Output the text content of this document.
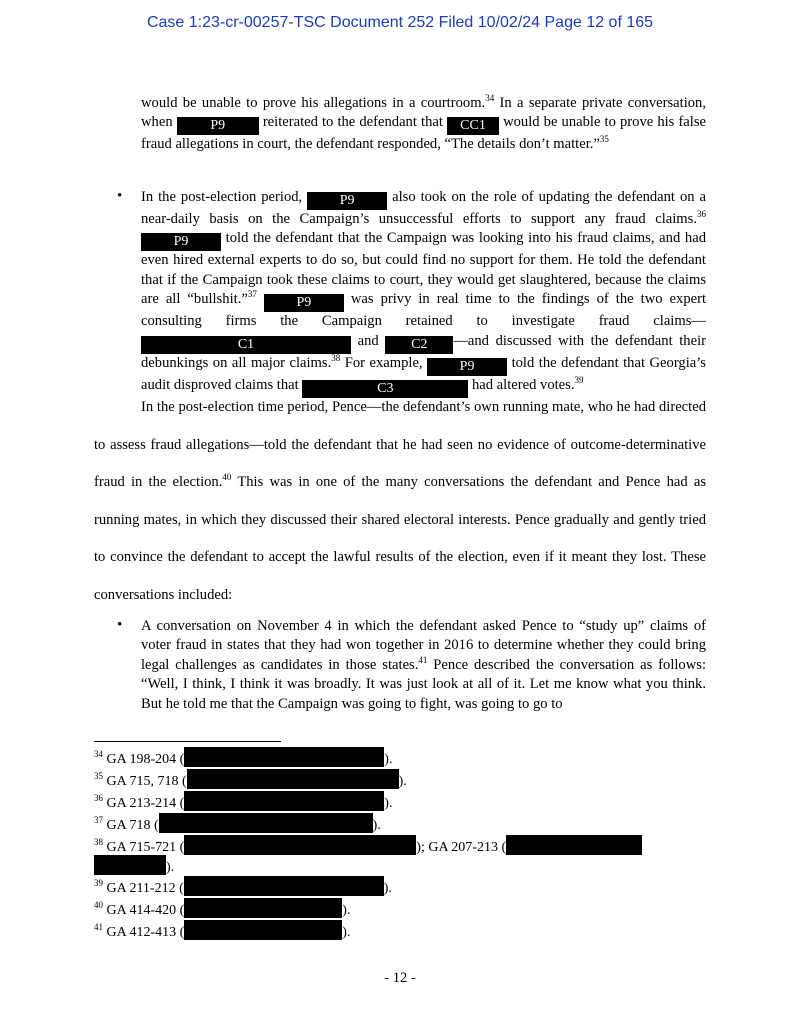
Case 1:23-cr-00257-TSC Document 252 Filed 10/02/24 Page 12 of 165
would be unable to prove his allegations in a courtroom.$^{34}$ In a separate private conversation, when P9 reiterated to the defendant that CC1 would be unable to prove his false fraud allegations in court, the defendant responded, “The details don’t matter.”$^{35}$
• In the post-election period, P9 also took on the role of updating the defendant on a near-daily basis on the Campaign’s unsuccessful efforts to support any fraud claims.$^{36}$ P9 told the defendant that the Campaign was looking into his fraud claims, and had even hired external experts to do so, but could find no support for them. He told the defendant that if the Campaign took these claims to court, they would get slaughtered, because the claims are all “bullshit.”$^{37}$ P9 was privy in real time to the findings of the two expert consulting firms the Campaign retained to investigate fraud claims—C1	and C2 —and discussed with the defendant their debunkings on all major claims.$^{38}$ For example, P9 told the defendant that Georgia’s audit disproved claims that	C3	had altered votes.$^{39}$
In the post-election time period, Pence—the defendant’s own running mate, who he had directed to assess fraud allegations—told the defendant that he had seen no evidence of outcome-determinative fraud in the election.$^{40}$ This was in one of the many conversations the defendant and Pence had as running mates, in which they discussed their shared electoral interests. Pence gradually and gently tried to convince the defendant to accept the lawful results of the election, even if it meant they lost. These conversations included:
• A conversation on November 4 in which the defendant asked Pence to “study up” claims of voter fraud in states that they had won together in 2016 to determine whether they could bring legal challenges as candidates in those states.$^{41}$ Pence described the conversation as follows: “Well, I think, I think it was broadly. It was just look at all of it. Let me know what you think. But he told me that the Campaign was going to fight, was going to go to
$^{34}$ GA 198-204 (	).
$^{35}$ GA 715, 718 (	).
$^{36}$ GA 213-214 (	).
$^{37}$ GA 718 (	).
$^{38}$ GA 715-721 (	); GA 207-213 (
).
$^{39}$ GA 211-212 (	).
$^{40}$ GA 414-420 (	).
$^{41}$ GA 412-413 (	).
- 12 -
